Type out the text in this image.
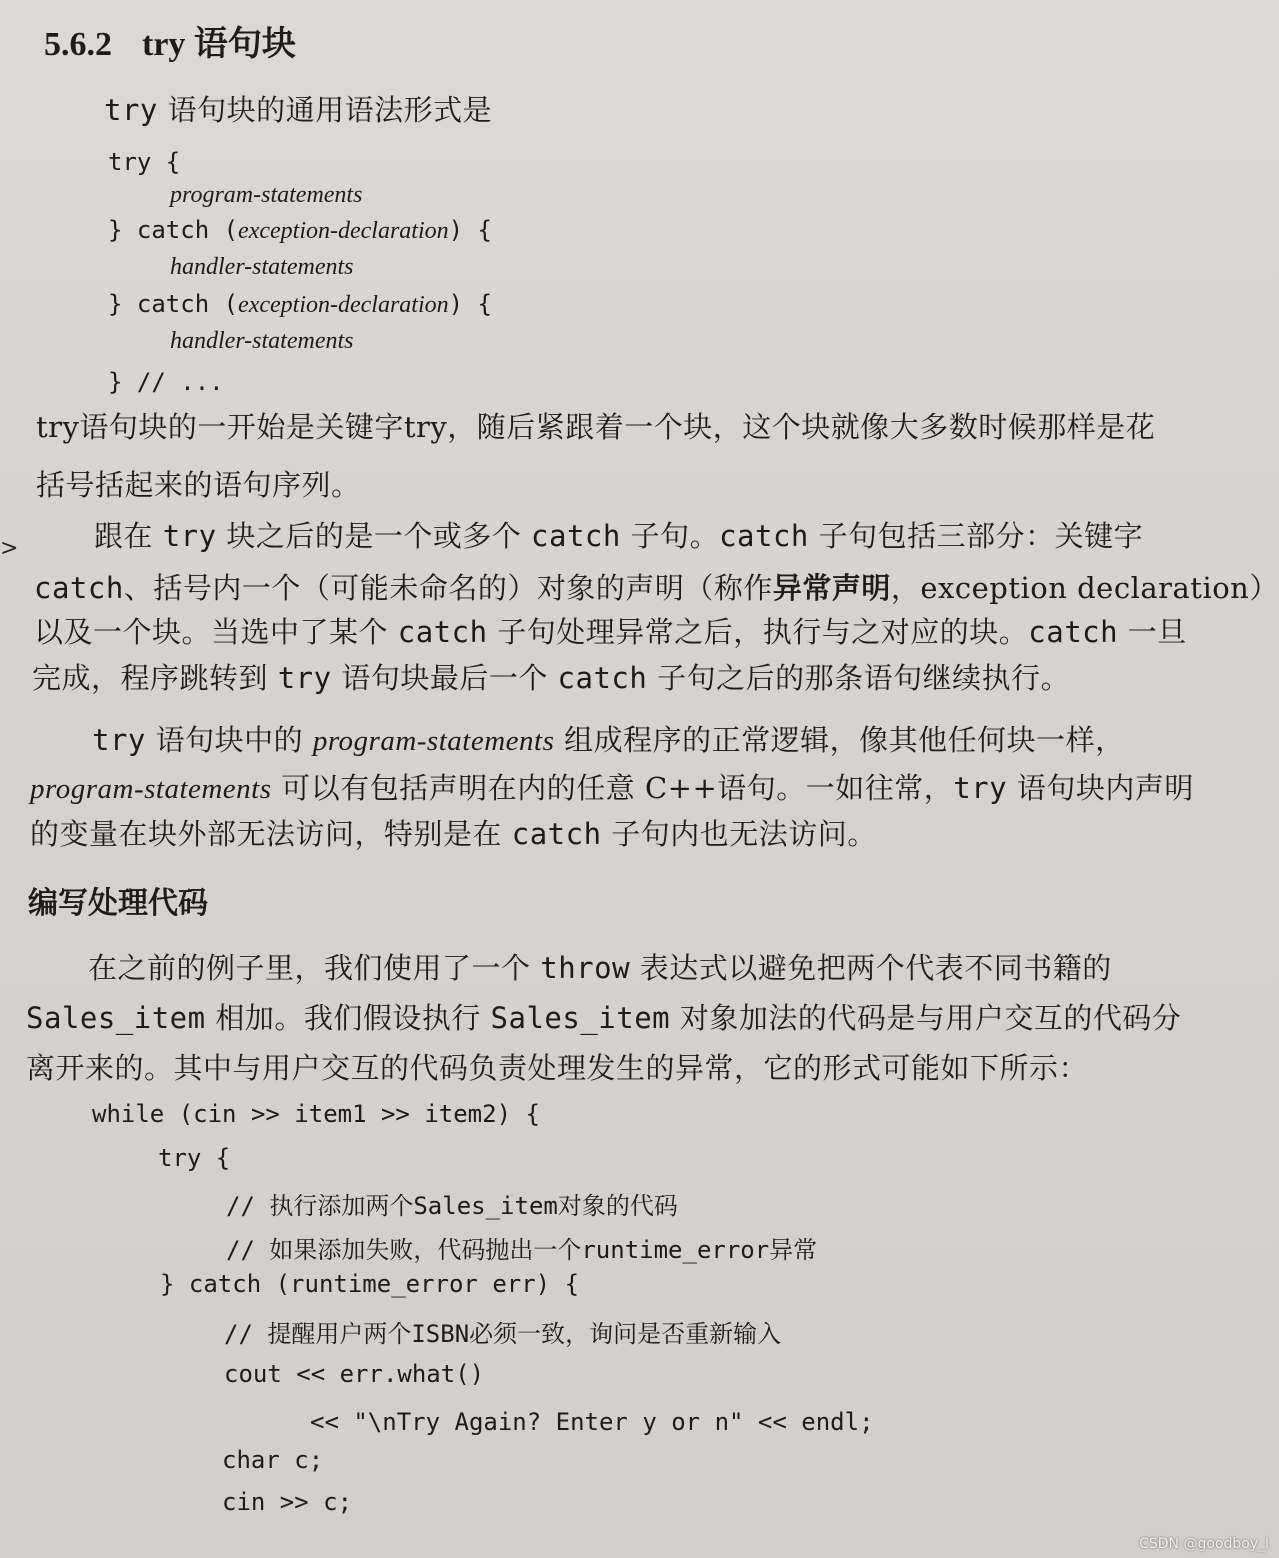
>
5.6.2 try 语句块
try 语句块的通用语法形式是
try {
program-statements
} catch (exception-declaration) {
handler-statements
} catch (exception-declaration) {
handler-statements
} // ...
try语句块的一开始是关键字try，随后紧跟着一个块，这个块就像大多数时候那样是花
括号括起来的语句序列。
跟在 try 块之后的是一个或多个 catch 子句。catch 子句包括三部分：关键字
catch、括号内一个（可能未命名的）对象的声明（称作异常声明，exception declaration）
以及一个块。当选中了某个 catch 子句处理异常之后，执行与之对应的块。catch 一旦
完成，程序跳转到 try 语句块最后一个 catch 子句之后的那条语句继续执行。
try 语句块中的 program-statements 组成程序的正常逻辑，像其他任何块一样，
program-statements 可以有包括声明在内的任意 C++语句。一如往常，try 语句块内声明
的变量在块外部无法访问，特别是在 catch 子句内也无法访问。
编写处理代码
在之前的例子里，我们使用了一个 throw 表达式以避免把两个代表不同书籍的
Sales_item 相加。我们假设执行 Sales_item 对象加法的代码是与用户交互的代码分
离开来的。其中与用户交互的代码负责处理发生的异常，它的形式可能如下所示：
while (cin >> item1 >> item2) {
try {
// 执行添加两个Sales_item对象的代码
// 如果添加失败，代码抛出一个runtime_error异常
} catch (runtime_error err) {
// 提醒用户两个ISBN必须一致，询问是否重新输入
cout << err.what()
<< "\nTry Again? Enter y or n" << endl;
char c;
cin >> c;
CSDN @goodboy_l
